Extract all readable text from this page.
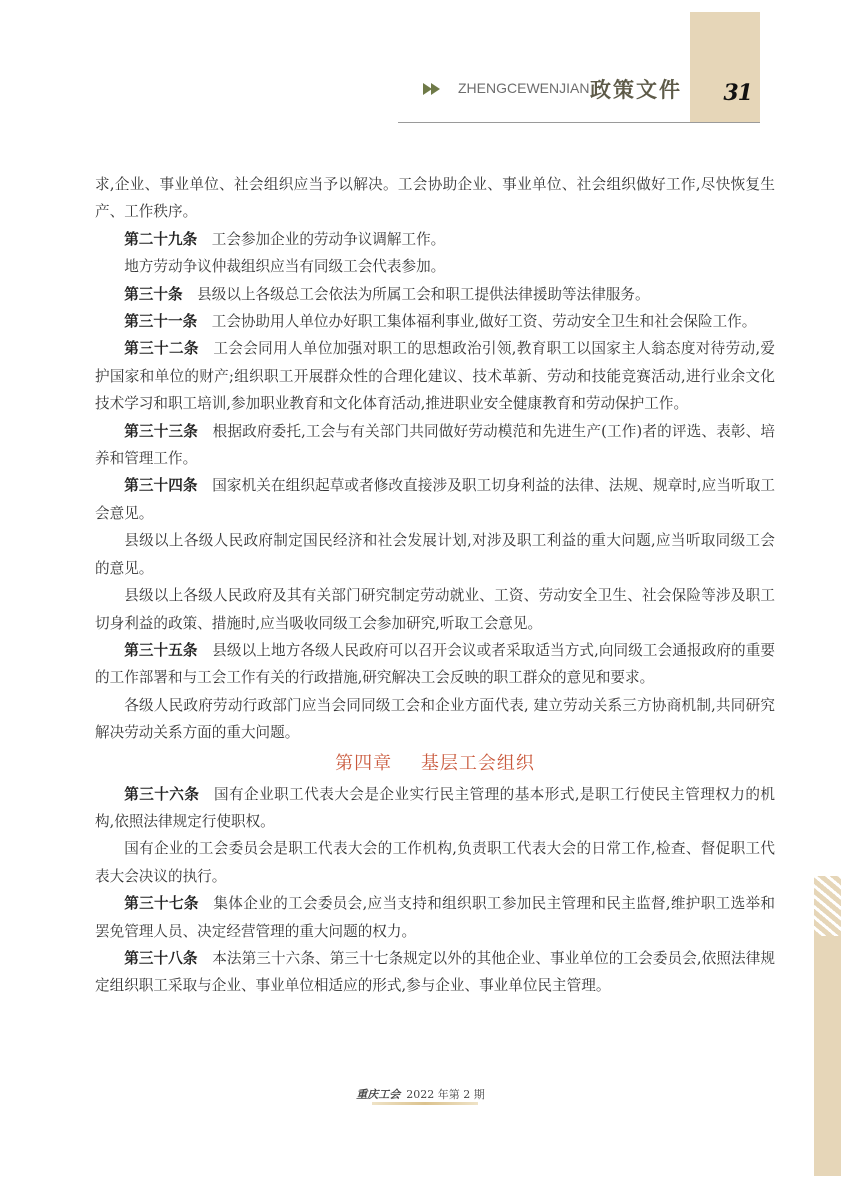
31
ZHENGCEWENJIAN 政策文件

求,企业、事业单位、社会组织应当予以解决。工会协助企业、事业单位、社会组织做好工作,尽快恢复生产、工作秩序。

第二十九条 工会参加企业的劳动争议调解工作。

地方劳动争议仲裁组织应当有同级工会代表参加。

第三十条 县级以上各级总工会依法为所属工会和职工提供法律援助等法律服务。

第三十一条 工会协助用人单位办好职工集体福利事业,做好工资、劳动安全卫生和社会保险工作。

第三十二条 工会会同用人单位加强对职工的思想政治引领,教育职工以国家主人翁态度对待劳动,爱护国家和单位的财产;组织职工开展群众性的合理化建议、技术革新、劳动和技能竞赛活动,进行业余文化技术学习和职工培训,参加职业教育和文化体育活动,推进职业安全健康教育和劳动保护工作。

第三十三条 根据政府委托,工会与有关部门共同做好劳动模范和先进生产(工作)者的评选、表彰、培养和管理工作。

第三十四条 国家机关在组织起草或者修改直接涉及职工切身利益的法律、法规、规章时,应当听取工会意见。

县级以上各级人民政府制定国民经济和社会发展计划,对涉及职工利益的重大问题,应当听取同级工会的意见。

县级以上各级人民政府及其有关部门研究制定劳动就业、工资、劳动安全卫生、社会保险等涉及职工切身利益的政策、措施时,应当吸收同级工会参加研究,听取工会意见。

第三十五条 县级以上地方各级人民政府可以召开会议或者采取适当方式,向同级工会通报政府的重要的工作部署和与工会工作有关的行政措施,研究解决工会反映的职工群众的意见和要求。

各级人民政府劳动行政部门应当会同同级工会和企业方面代表, 建立劳动关系三方协商机制,共同研究解决劳动关系方面的重大问题。

第四章 基层工会组织

第三十六条 国有企业职工代表大会是企业实行民主管理的基本形式,是职工行使民主管理权力的机构,依照法律规定行使职权。

国有企业的工会委员会是职工代表大会的工作机构,负责职工代表大会的日常工作,检查、督促职工代表大会决议的执行。

第三十七条 集体企业的工会委员会,应当支持和组织职工参加民主管理和民主监督,维护职工选举和罢免管理人员、决定经营管理的重大问题的权力。

第三十八条 本法第三十六条、第三十七条规定以外的其他企业、事业单位的工会委员会,依照法律规定组织职工采取与企业、事业单位相适应的形式,参与企业、事业单位民主管理。

重庆工会 2022 年第 2 期
